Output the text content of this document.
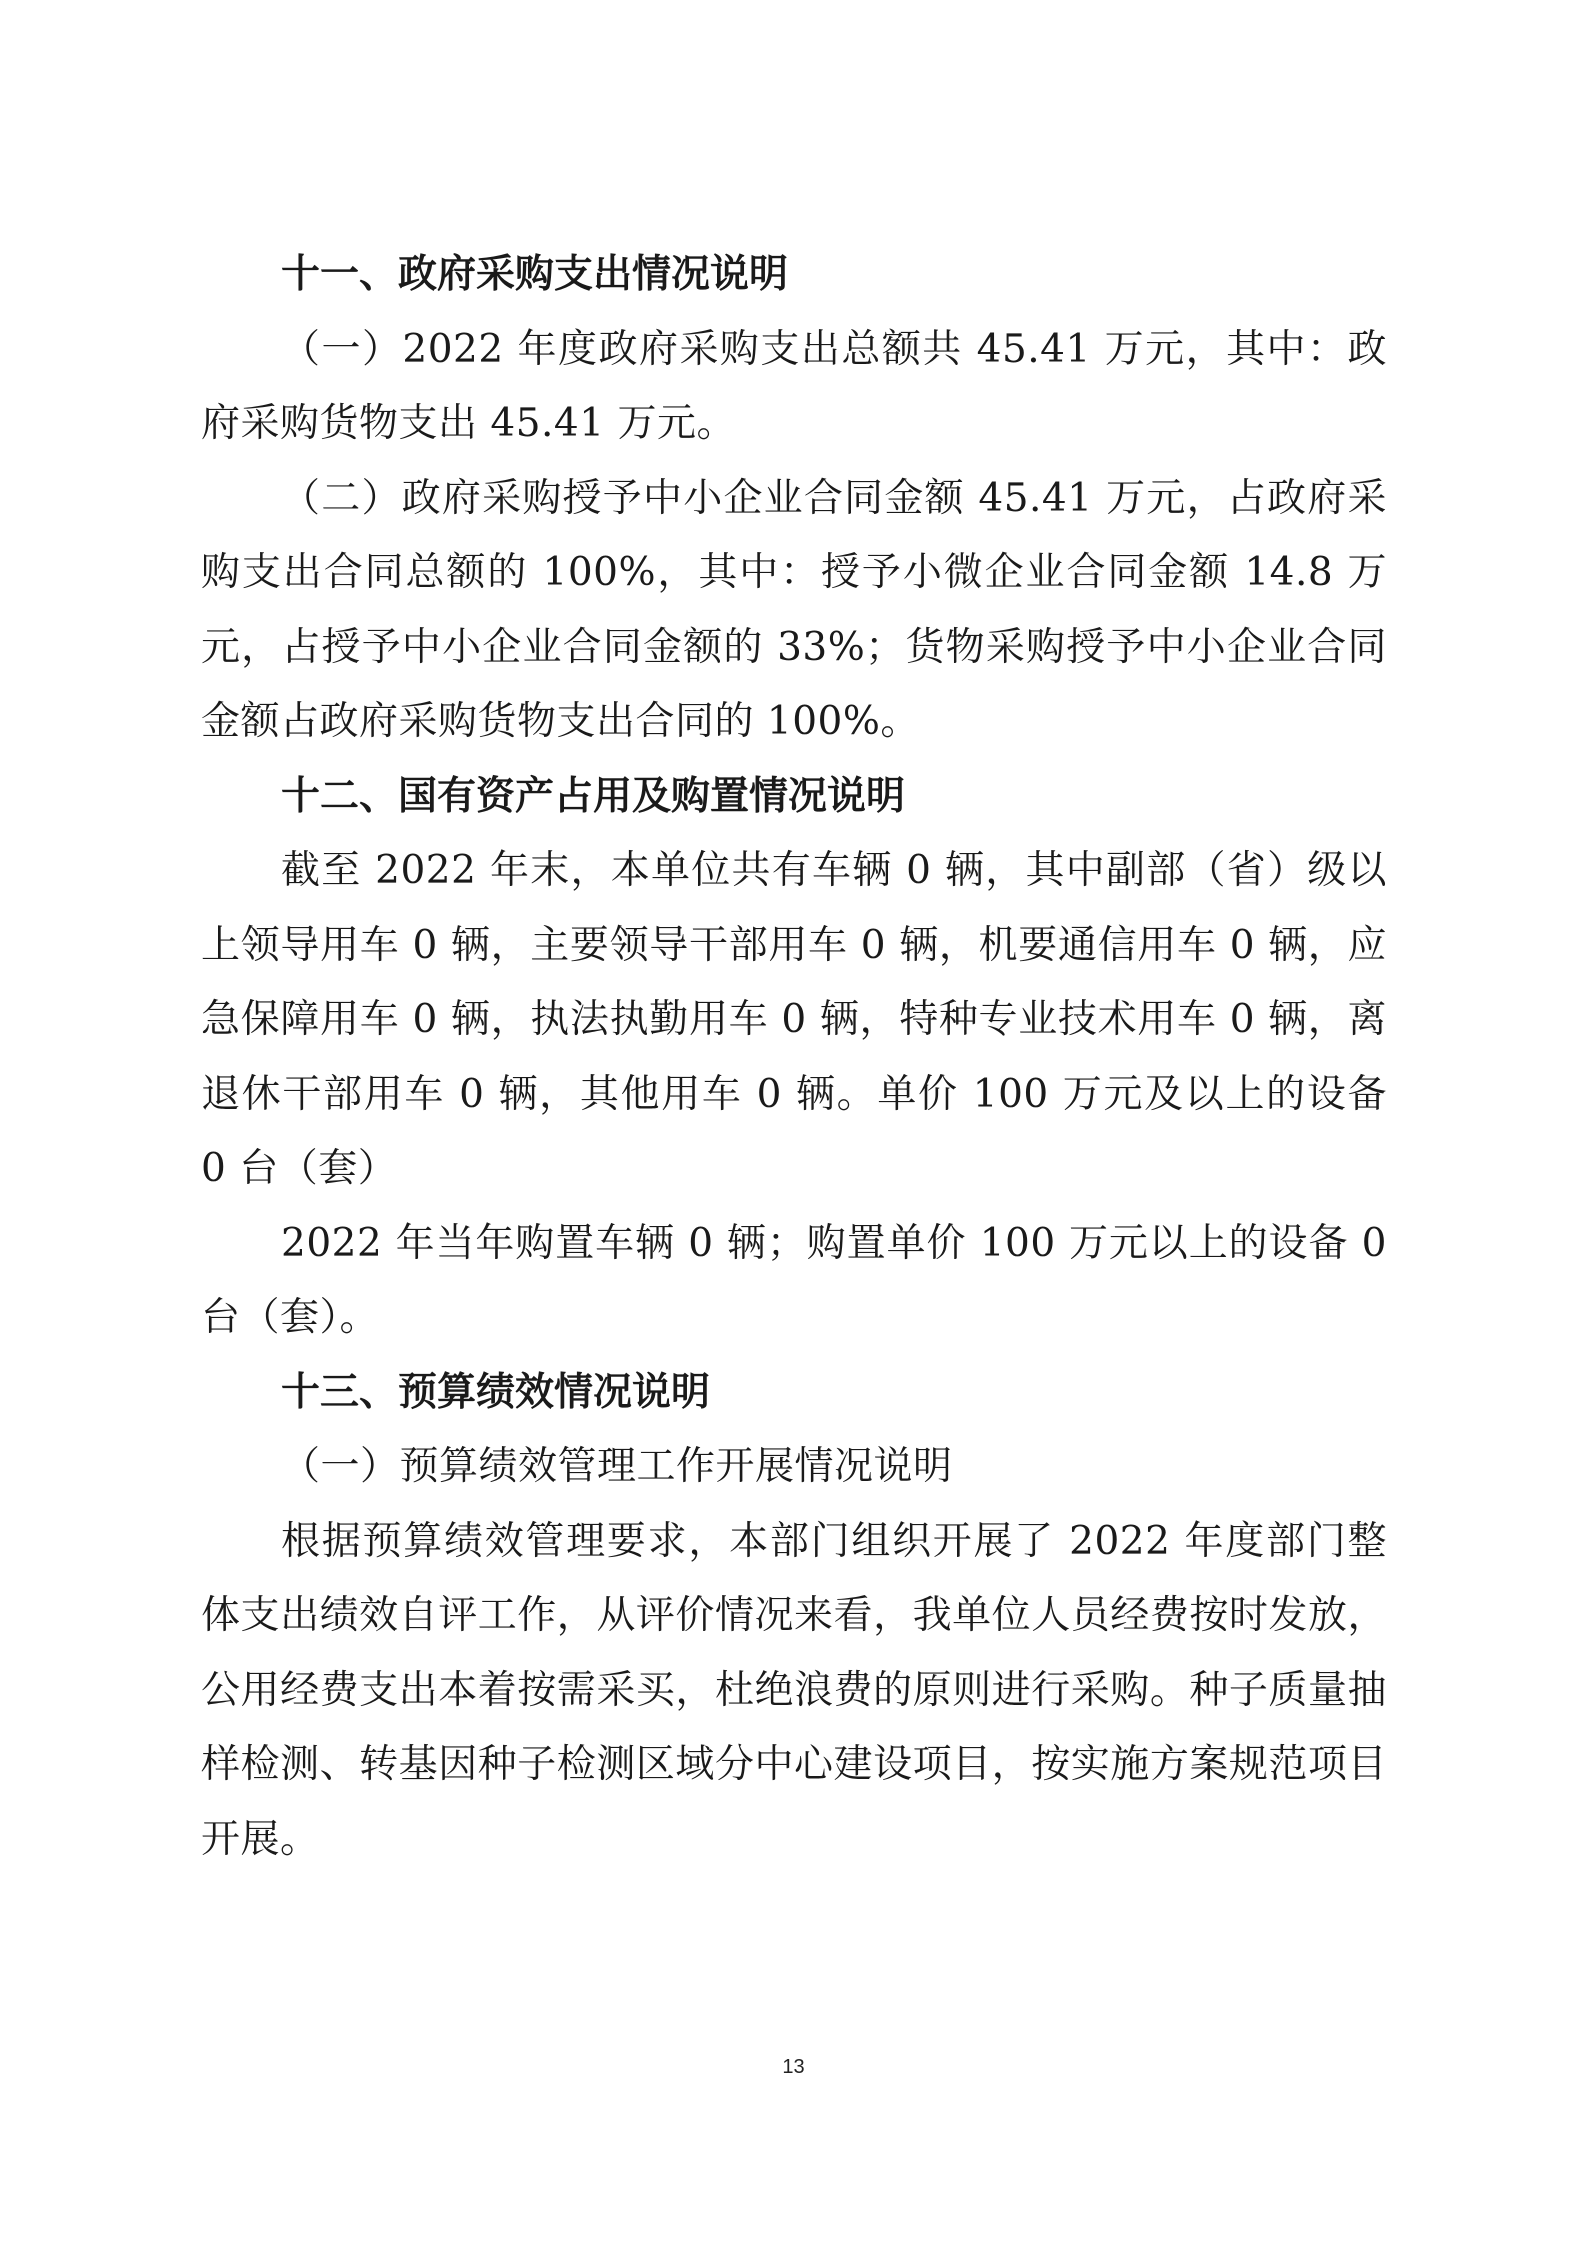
十一、政府采购支出情况说明

（一）2022 年度政府采购支出总额共 45.41 万元，其中：政府采购货物支出 45.41 万元。

（二）政府采购授予中小企业合同金额 45.41 万元，占政府采购支出合同总额的 100%，其中：授予小微企业合同金额 14.8 万元，占授予中小企业合同金额的 33%；货物采购授予中小企业合同金额占政府采购货物支出合同的 100%。

十二、国有资产占用及购置情况说明

截至 2022 年末，本单位共有车辆 0 辆，其中副部（省）级以上领导用车 0 辆，主要领导干部用车 0 辆，机要通信用车 0 辆，应急保障用车 0 辆，执法执勤用车 0 辆，特种专业技术用车 0 辆，离退休干部用车 0 辆，其他用车 0 辆。单价 100 万元及以上的设备 0 台（套）

2022 年当年购置车辆 0 辆；购置单价 100 万元以上的设备 0 台（套）。

十三、预算绩效情况说明

（一）预算绩效管理工作开展情况说明

根据预算绩效管理要求，本部门组织开展了 2022 年度部门整体支出绩效自评工作，从评价情况来看，我单位人员经费按时发放，公用经费支出本着按需采买，杜绝浪费的原则进行采购。种子质量抽样检测、转基因种子检测区域分中心建设项目，按实施方案规范项目开展。

13
